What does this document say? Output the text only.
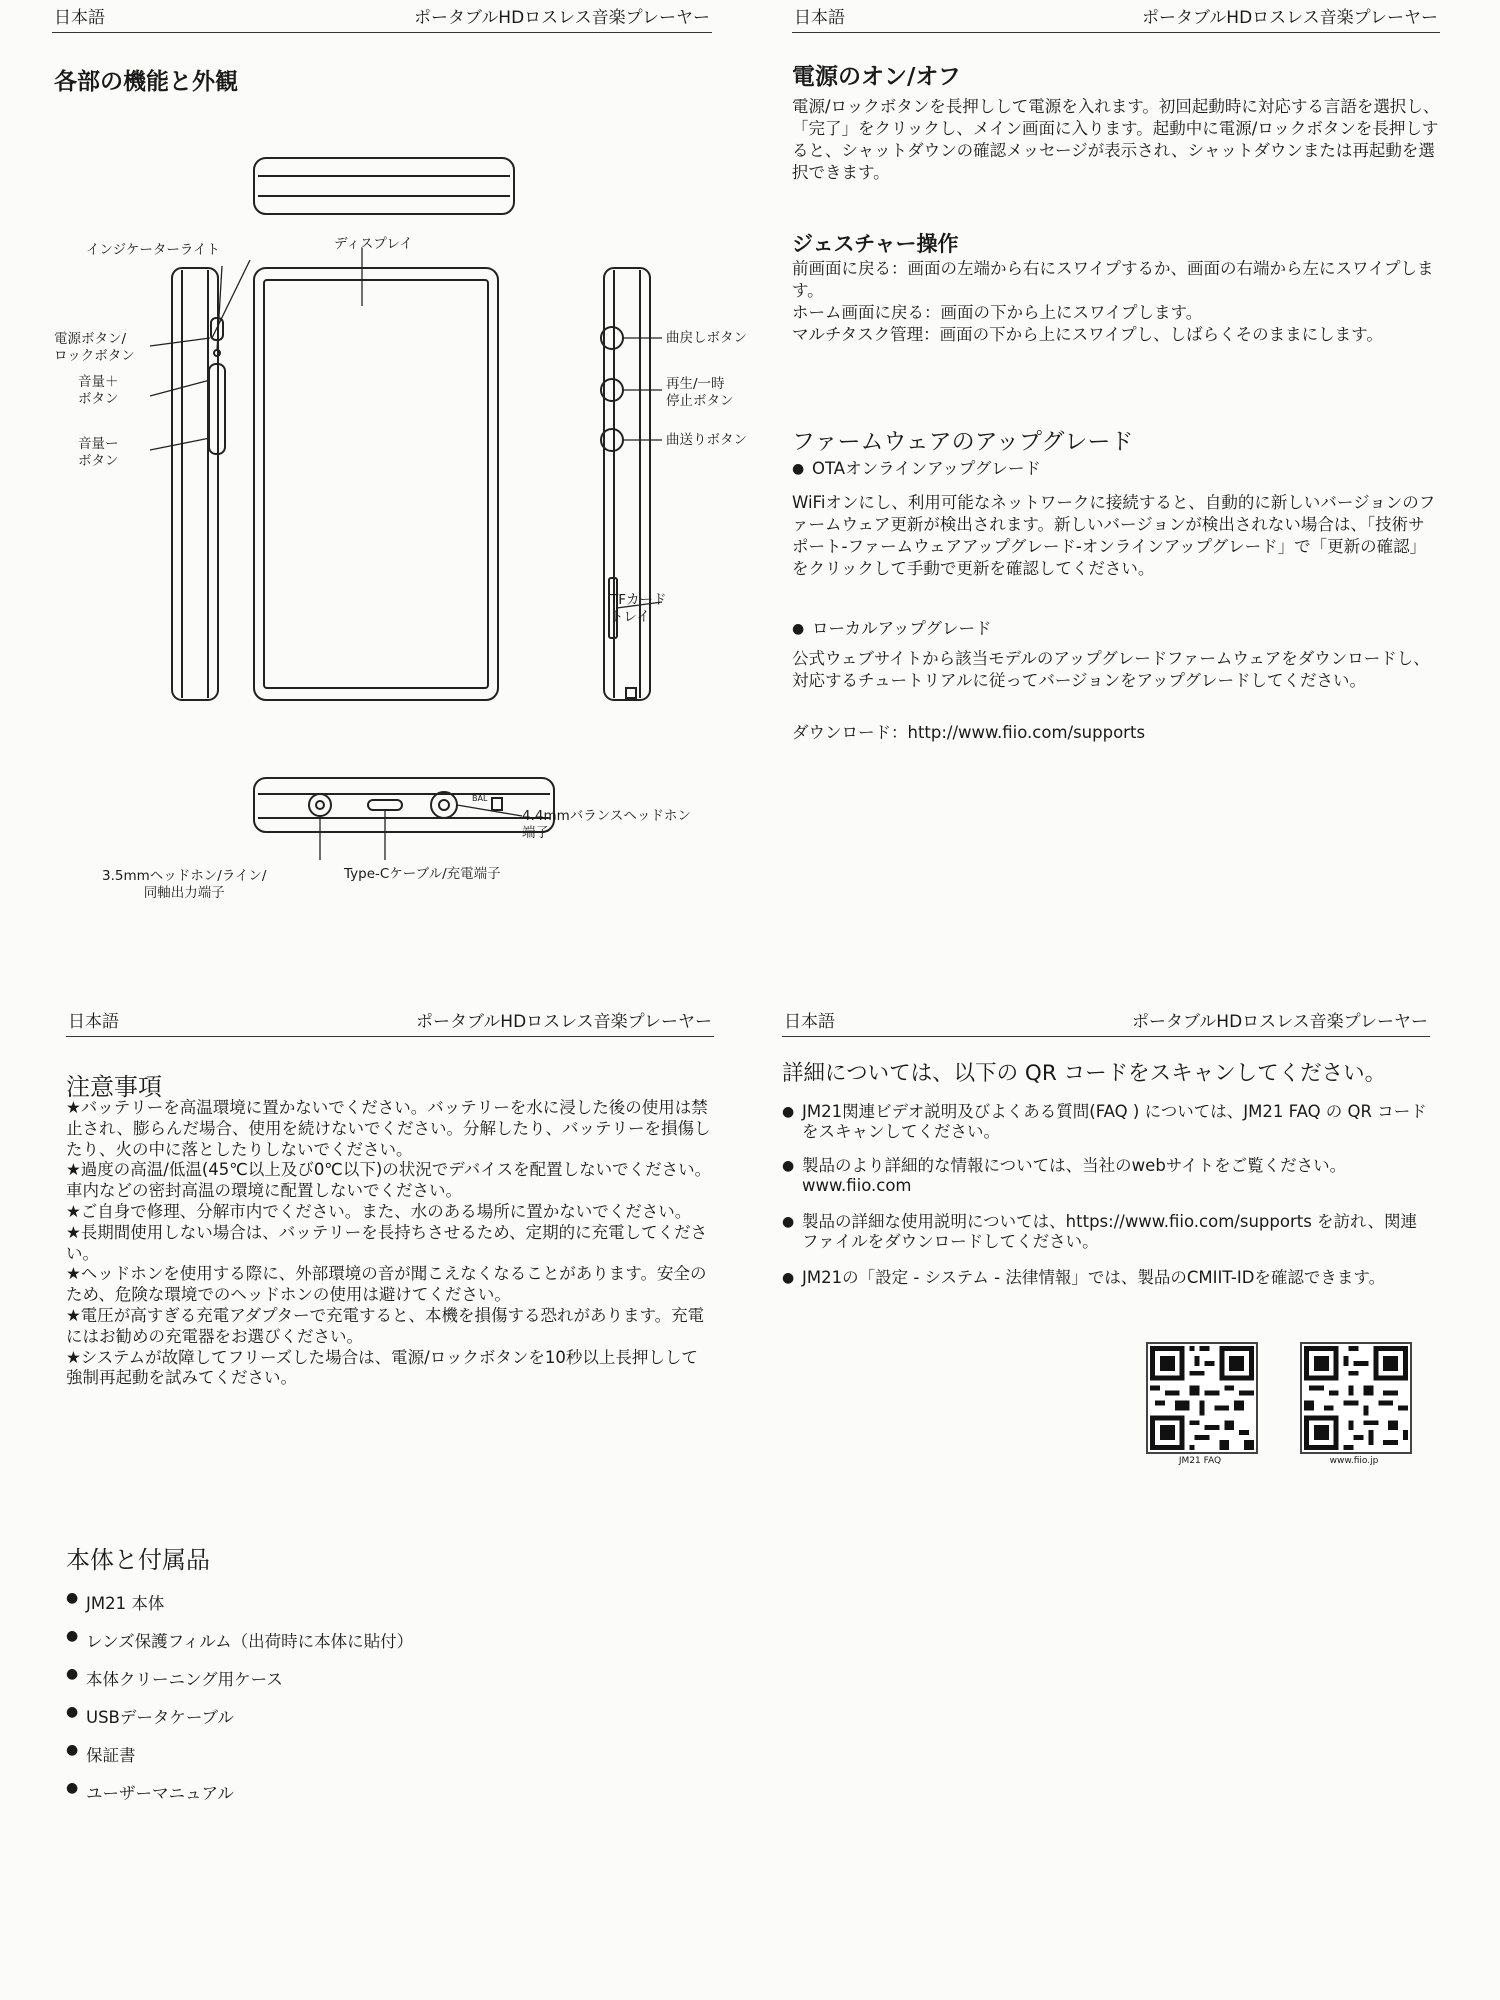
日本語	ポータブルHDロスレス音楽プレーヤー
各部の機能と外観
インジケーターライト	ディスプレイ
電源ボタン/
ロックボタン
音量＋
ボタン
音量ー
ボタン
曲戻しボタン
再生/一時
停止ボタン
曲送りボタン
TFカード
トレイ
4.4mmバランスヘッドホン
端子
3.5mmヘッドホン/ライン/
同軸出力端子
Type-Cケーブル/充電端子
BAL
日本語	ポータブルHDロスレス音楽プレーヤー
電源のオン/オフ

電源/ロックボタンを長押しして電源を入れます。初回起動時に対応する言語を選択し、「完了」をクリックし、メイン画面に入ります。起動中に電源/ロックボタンを長押しすると、シャットダウンの確認メッセージが表示され、シャットダウンまたは再起動を選択できます。

ジェスチャー操作
前画面に戻る：画面の左端から右にスワイプするか、画面の右端から左にスワイプします。
ホーム画面に戻る：画面の下から上にスワイプします。
マルチタスク管理：画面の下から上にスワイプし、しばらくそのままにします。
ファームウェアのアップグレード
● OTAオンラインアップグレード

WiFiオンにし、利用可能なネットワークに接続すると、自動的に新しいバージョンのファームウェア更新が検出されます。新しいバージョンが検出されない場合は、「技術サポート-ファームウェアアップグレード-オンラインアップグレード」で「更新の確認」をクリックして手動で更新を確認してください。

● ローカルアップグレード

公式ウェブサイトから該当モデルのアップグレードファームウェアをダウンロードし、対応するチュートリアルに従ってバージョンをアップグレードしてください。

ダウンロード：http://www.fiio.com/supports

日本語	ポータブルHDロスレス音楽プレーヤー
注意事項

★バッテリーを高温環境に置かないでください。バッテリーを水に浸した後の使用は禁止され、膨らんだ場合、使用を続けないでください。分解したり、バッテリーを損傷したり、火の中に落としたりしないでください。

★過度の高温/低温(45℃以上及び0℃以下)の状況でデバイスを配置しないでください。車内などの密封高温の環境に配置しないでください。

★ご自身で修理、分解市内でください。また、水のある場所に置かないでください。

★長期間使用しない場合は、バッテリーを長持ちさせるため、定期的に充電してください。

★ヘッドホンを使用する際に、外部環境の音が聞こえなくなることがあります。安全のため、危険な環境でのヘッドホンの使用は避けてください。

★電圧が高すぎる充電アダプターで充電すると、本機を損傷する恐れがあります。充電にはお勧めの充電器をお選びください。

★システムが故障してフリーズした場合は、電源/ロックボタンを10秒以上長押しして強制再起動を試みてください。

本体と付属品
● JM21 本体
● レンズ保護フィルム（出荷時に本体に貼付）
● 本体クリーニング用ケース
● USBデータケーブル
● 保証書
● ユーザーマニュアル
日本語	ポータブルHDロスレス音楽プレーヤー
詳細については、以下の QR コードをスキャンしてください。
● JM21関連ビデオ説明及びよくある質問(FAQ ) については、JM21 FAQ の QR コードをスキャンしてください。
● 製品のより詳細的な情報については、当社のwebサイトをご覧ください。www.fiio.com
● 製品の詳細な使用説明については、https://www.fiio.com/supports を訪れ、関連ファイルをダウンロードしてください。
● JM21の「設定 - システム - 法律情報」では、製品のCMIIT-IDを確認できます。
JM21 FAQ	www.fiio.jp
